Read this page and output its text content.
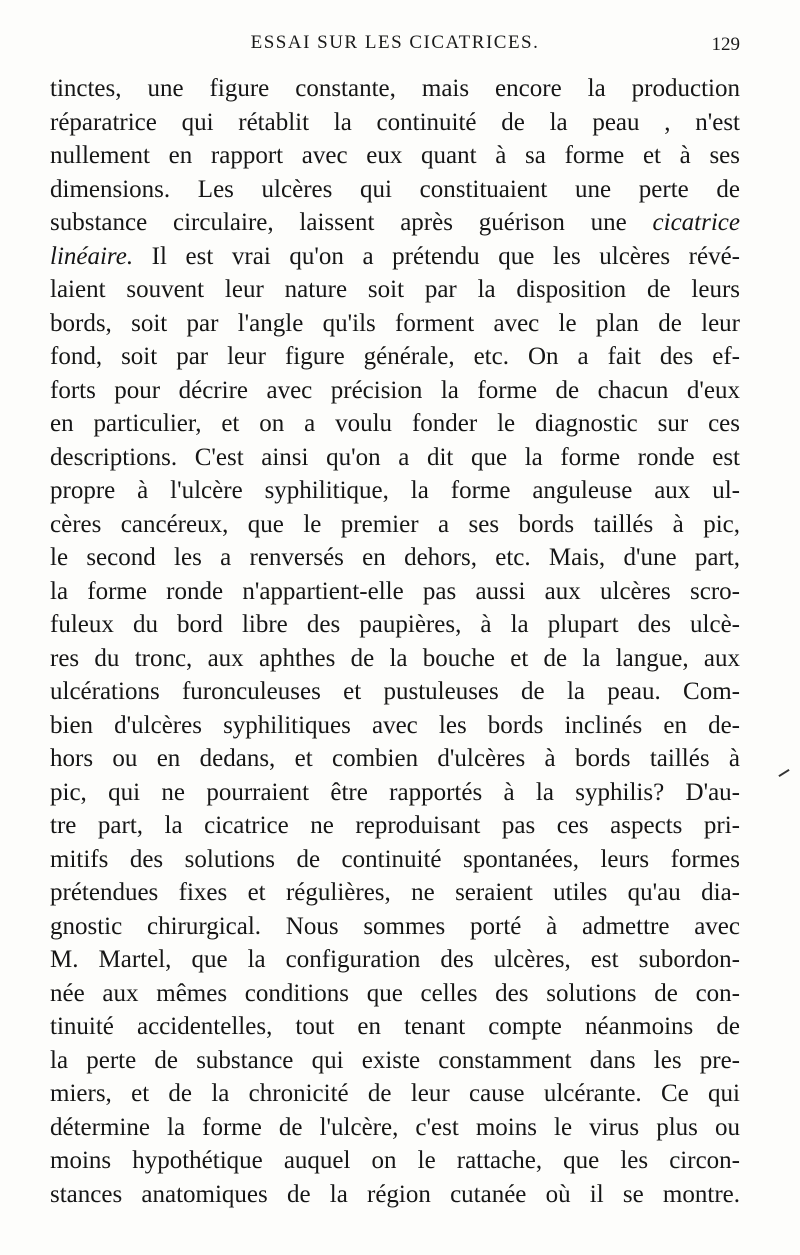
ESSAI SUR LES CICATRICES.	129
tinctes, une figure constante, mais encore la production
réparatrice qui rétablit la continuité de la peau , n'est
nullement en rapport avec eux quant à sa forme et à ses
dimensions. Les ulcères qui constituaient une perte de
substance circulaire, laissent après guérison une cicatrice
linéaire. Il est vrai qu'on a prétendu que les ulcères révé-
laient souvent leur nature soit par la disposition de leurs
bords, soit par l'angle qu'ils forment avec le plan de leur
fond, soit par leur figure générale, etc. On a fait des ef-
forts pour décrire avec précision la forme de chacun d'eux
en particulier, et on a voulu fonder le diagnostic sur ces
descriptions. C'est ainsi qu'on a dit que la forme ronde est
propre à l'ulcère syphilitique, la forme anguleuse aux ul-
cères cancéreux, que le premier a ses bords taillés à pic,
le second les a renversés en dehors, etc. Mais, d'une part,
la forme ronde n'appartient-elle pas aussi aux ulcères scro-
fuleux du bord libre des paupières, à la plupart des ulcè-
res du tronc, aux aphthes de la bouche et de la langue, aux
ulcérations furonculeuses et pustuleuses de la peau. Com-
bien d'ulcères syphilitiques avec les bords inclinés en de-
hors ou en dedans, et combien d'ulcères à bords taillés à
pic, qui ne pourraient être rapportés à la syphilis? D'au-
tre part, la cicatrice ne reproduisant pas ces aspects pri-
mitifs des solutions de continuité spontanées, leurs formes
prétendues fixes et régulières, ne seraient utiles qu'au dia-
gnostic chirurgical. Nous sommes porté à admettre avec
M. Martel, que la configuration des ulcères, est subordon-
née aux mêmes conditions que celles des solutions de con-
tinuité accidentelles, tout en tenant compte néanmoins de
la perte de substance qui existe constamment dans les pre-
miers, et de la chronicité de leur cause ulcérante. Ce qui
détermine la forme de l'ulcère, c'est moins le virus plus ou
moins hypothétique auquel on le rattache, que les circon-
stances anatomiques de la région cutanée où il se montre.
